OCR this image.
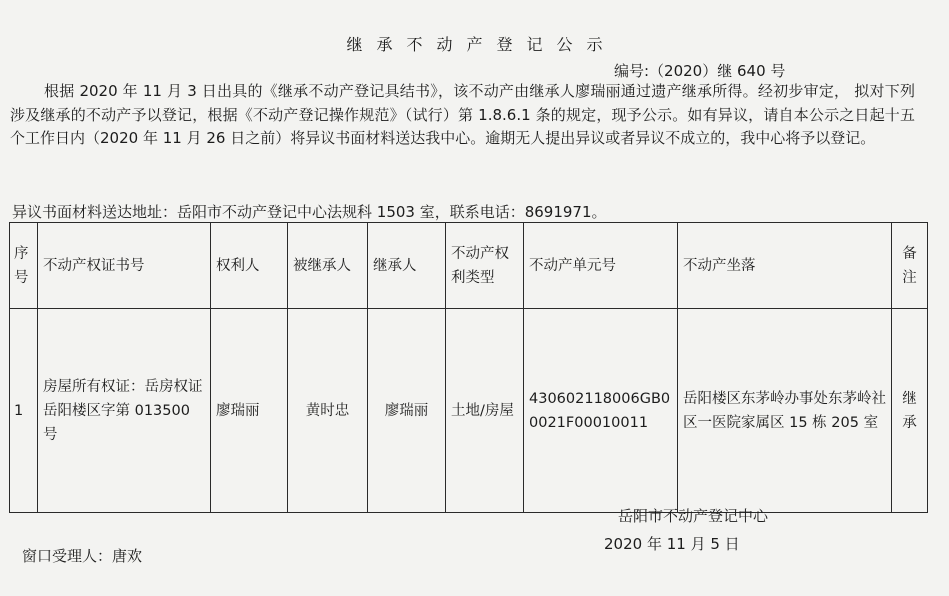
继承不动产登记公示
编号:（2020）继 640 号

根据 2020 年 11 月 3 日出具的《继承不动产登记具结书》，该不动产由继承人廖瑞丽通过遗产继承所得。经初步审定， 拟对下列涉及继承的不动产予以登记，根据《不动产登记操作规范》（试行）第 1.8.6.1 条的规定，现予公示。如有异议，请自本公示之日起十五个工作日内（2020 年 11 月 26 日之前）将异议书面材料送达我中心。逾期无人提出异议或者异议不成立的，我中心将予以登记。

异议书面材料送达地址：岳阳市不动产登记中心法规科 1503 室，联系电话：8691971。
序号	不动产权证书号	权利人	被继承人	继承人	不动产权利类型	不动产单元号	不动产坐落	备注
1	房屋所有权证：岳房权证岳阳楼区字第 013500 号	廖瑞丽	黄时忠	廖瑞丽	土地/房屋	430602118006GB00021F00010011	岳阳楼区东茅岭办事处东茅岭社区一医院家属区 15 栋 205 室	继承
岳阳市不动产登记中心
2020 年 11 月 5 日
窗口受理人：唐欢
